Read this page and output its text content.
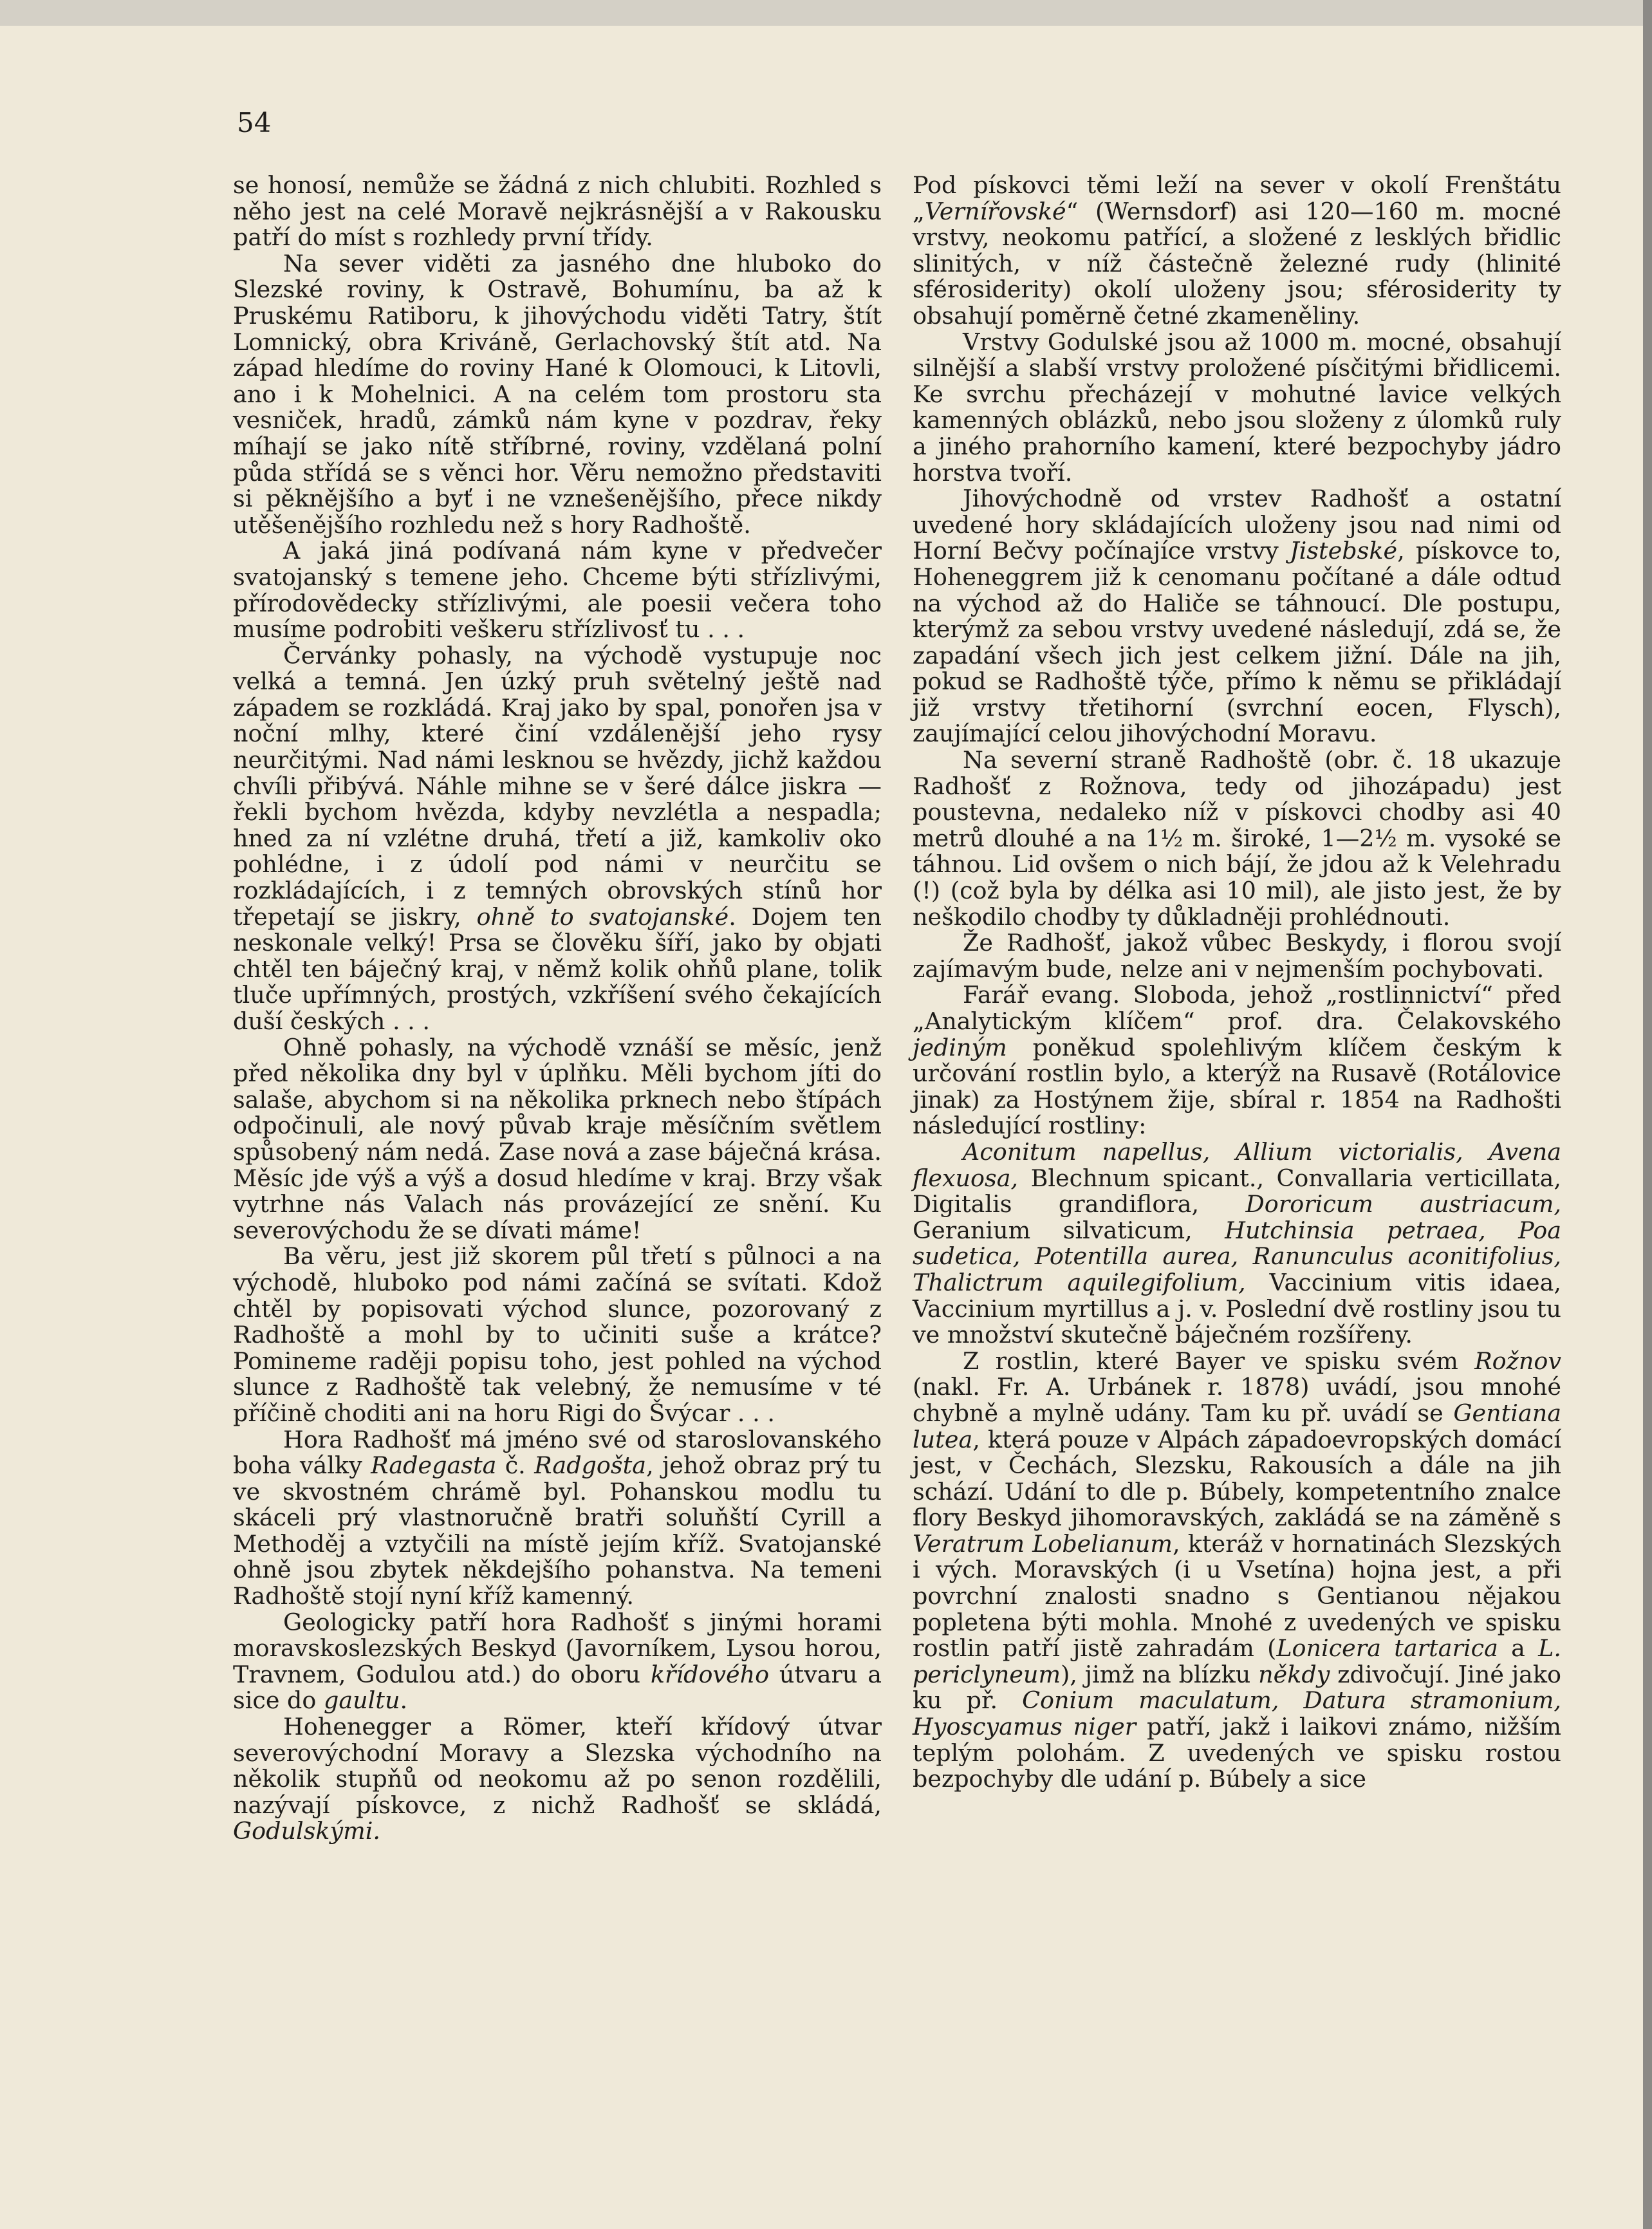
54

se honosí, nemůže se žádná z nich chlubiti. Rozhled s něho jest na celé Moravě nejkrásnější a v Rakousku patří do míst s rozhledy první třídy.

Na sever viděti za jasného dne hluboko do Slezské roviny, k Ostravě, Bohumínu, ba až k Pruskému Ratiboru, k jihovýchodu viděti Tatry, štít Lomnický, obra Kriváně, Gerlachovský štít atd. Na západ hledíme do roviny Hané k Olomouci, k Litovli, ano i k Mohelnici. A na celém tom prostoru sta vesniček, hradů, zámků nám kyne v pozdrav, řeky míhají se jako nítě stříbrné, roviny, vzdělaná polní půda střídá se s věnci hor. Věru nemožno představiti si pěknějšího a byť i ne vznešenějšího, přece nikdy utěšenějšího rozhledu než s hory Radhoště.

A jaká jiná podívaná nám kyne v předvečer svatojanský s temene jeho. Chceme býti střízlivými, přírodovědecky střízlivými, ale poesii večera toho musíme podrobiti veškeru střízlivosť tu . . .

Červánky pohasly, na východě vystupuje noc velká a temná. Jen úzký pruh světelný ještě nad západem se rozkládá. Kraj jako by spal, ponořen jsa v noční mlhy, které činí vzdálenější jeho rysy neurčitými. Nad námi lesknou se hvězdy, jichž každou chvíli přibývá. Náhle mihne se v šeré dálce jiskra — řekli bychom hvězda, kdyby nevzlétla a nespadla; hned za ní vzlétne druhá, třetí a již, kamkoliv oko pohlédne, i z údolí pod námi v neurčitu se rozkládajících, i z temných obrovských stínů hor třepetají se jiskry, ohně to svatojanské. Dojem ten neskonale velký! Prsa se člověku šíří, jako by objati chtěl ten báječný kraj, v němž kolik ohňů plane, tolik tluče upřímných, prostých, vzkříšení svého čekajících duší českých . . .

Ohně pohasly, na východě vznáší se měsíc, jenž před několika dny byl v úplňku. Měli bychom jíti do salaše, abychom si na několika prknech nebo štípách odpočinuli, ale nový půvab kraje měsíčním světlem spůsobený nám nedá. Zase nová a zase báječná krása. Měsíc jde výš a výš a dosud hledíme v kraj. Brzy však vytrhne nás Valach nás provázející ze snění. Ku severovýchodu že se dívati máme!

Ba věru, jest již skorem půl třetí s půlnoci a na východě, hluboko pod námi začíná se svítati. Kdož chtěl by popisovati východ slunce, pozorovaný z Radhoště a mohl by to učiniti suše a krátce? Pomineme raději popisu toho, jest pohled na východ slunce z Radhoště tak velebný, že nemusíme v té příčině choditi ani na horu Rigi do Švýcar . . .

Hora Radhošť má jméno své od staroslovanského boha války Radegasta č. Radgošta, jehož obraz prý tu ve skvostném chrámě byl. Pohanskou modlu tu skáceli prý vlastnoručně bratři soluňští Cyrill a Methoděj a vztyčili na místě jejím kříž. Svatojanské ohně jsou zbytek někdejšího pohanstva. Na temeni Radhoště stojí nyní kříž kamenný.

Geologicky patří hora Radhošť s jinými horami moravskoslezských Beskyd (Javorníkem, Lysou horou, Travnem, Godulou atd.) do oboru křídového útvaru a sice do gaultu.

Hohenegger a Römer, kteří křídový útvar severovýchodní Moravy a Slezska východního na několik stupňů od neokomu až po senon rozdělili, nazývají pískovce, z nichž Radhošť se skládá, Godulskými.

Pod pískovci těmi leží na sever v okolí Frenštátu „Vernířovské“ (Wernsdorf) asi 120—160 m. mocné vrstvy, neokomu patřící, a složené z lesklých břidlic slinitých, v níž částečně železné rudy (hlinité sférosiderity) okolí uloženy jsou; sférosiderity ty obsahují poměrně četné zkameněliny.

Vrstvy Godulské jsou až 1000 m. mocné, obsahují silnější a slabší vrstvy proložené písčitými břidlicemi. Ke svrchu přecházejí v mohutné lavice velkých kamenných oblázků, nebo jsou složeny z úlomků ruly a jiného prahorního kamení, které bezpochyby jádro horstva tvoří.

Jihovýchodně od vrstev Radhošť a ostatní uvedené hory skládajících uloženy jsou nad nimi od Horní Bečvy počínajíce vrstvy Jistebské, pískovce to, Hoheneggrem již k cenomanu počítané a dále odtud na východ až do Haliče se táhnoucí. Dle postupu, kterýmž za sebou vrstvy uvedené následují, zdá se, že zapadání všech jich jest celkem jižní. Dále na jih, pokud se Radhoště týče, přímo k němu se přikládají již vrstvy třetihorní (svrchní eocen, Flysch), zaujímající celou jihovýchodní Moravu.

Na severní straně Radhoště (obr. č. 18 ukazuje Radhošť z Rožnova, tedy od jihozápadu) jest poustevna, nedaleko níž v pískovci chodby asi 40 metrů dlouhé a na 1½ m. široké, 1—2½ m. vysoké se táhnou. Lid ovšem o nich bájí, že jdou až k Velehradu (!) (což byla by délka asi 10 mil), ale jisto jest, že by neškodilo chodby ty důkladněji prohlédnouti.

Že Radhošť, jakož vůbec Beskydy, i florou svojí zajímavým bude, nelze ani v nejmenším pochybovati.

Farář evang. Sloboda, jehož „rostlinnictví“ před „Analytickým klíčem“ prof. dra. Čelakovského jediným poněkud spolehlivým klíčem českým k určování rostlin bylo, a kterýž na Rusavě (Rotálovice jinak) za Hostýnem žije, sbíral r. 1854 na Radhošti následující rostliny:

Aconitum napellus, Allium victorialis, Avena flexuosa, Blechnum spicant., Convallaria verticillata, Digitalis grandiflora, Dororicum austriacum, Geranium silvaticum, Hutchinsia petraea, Poa sudetica, Potentilla aurea, Ranunculus aconitifolius, Thalictrum aquilegifolium, Vaccinium vitis idaea, Vaccinium myrtillus a j. v. Poslední dvě rostliny jsou tu ve množství skutečně báječném rozšířeny.

Z rostlin, které Bayer ve spisku svém Rožnov (nakl. Fr. A. Urbánek r. 1878) uvádí, jsou mnohé chybně a mylně udány. Tam ku př. uvádí se Gentiana lutea, která pouze v Alpách západoevropských domácí jest, v Čechách, Slezsku, Rakousích a dále na jih schází. Udání to dle p. Búbely, kompetentního znalce flory Beskyd jihomoravských, zakládá se na záměně s Veratrum Lobelianum, kteráž v hornatinách Slezských i vých. Moravských (i u Vsetína) hojna jest, a při povrchní znalosti snadno s Gentianou nějakou popletena býti mohla. Mnohé z uvedených ve spisku rostlin patří jistě zahradám (Lonicera tartarica a L. periclyneum), jimž na blízku někdy zdivočují. Jiné jako ku př. Conium maculatum, Datura stramonium, Hyoscyamus niger patří, jakž i laikovi známo, nižším teplým polohám. Z uvedených ve spisku rostou bezpochyby dle udání p. Búbely a sice
